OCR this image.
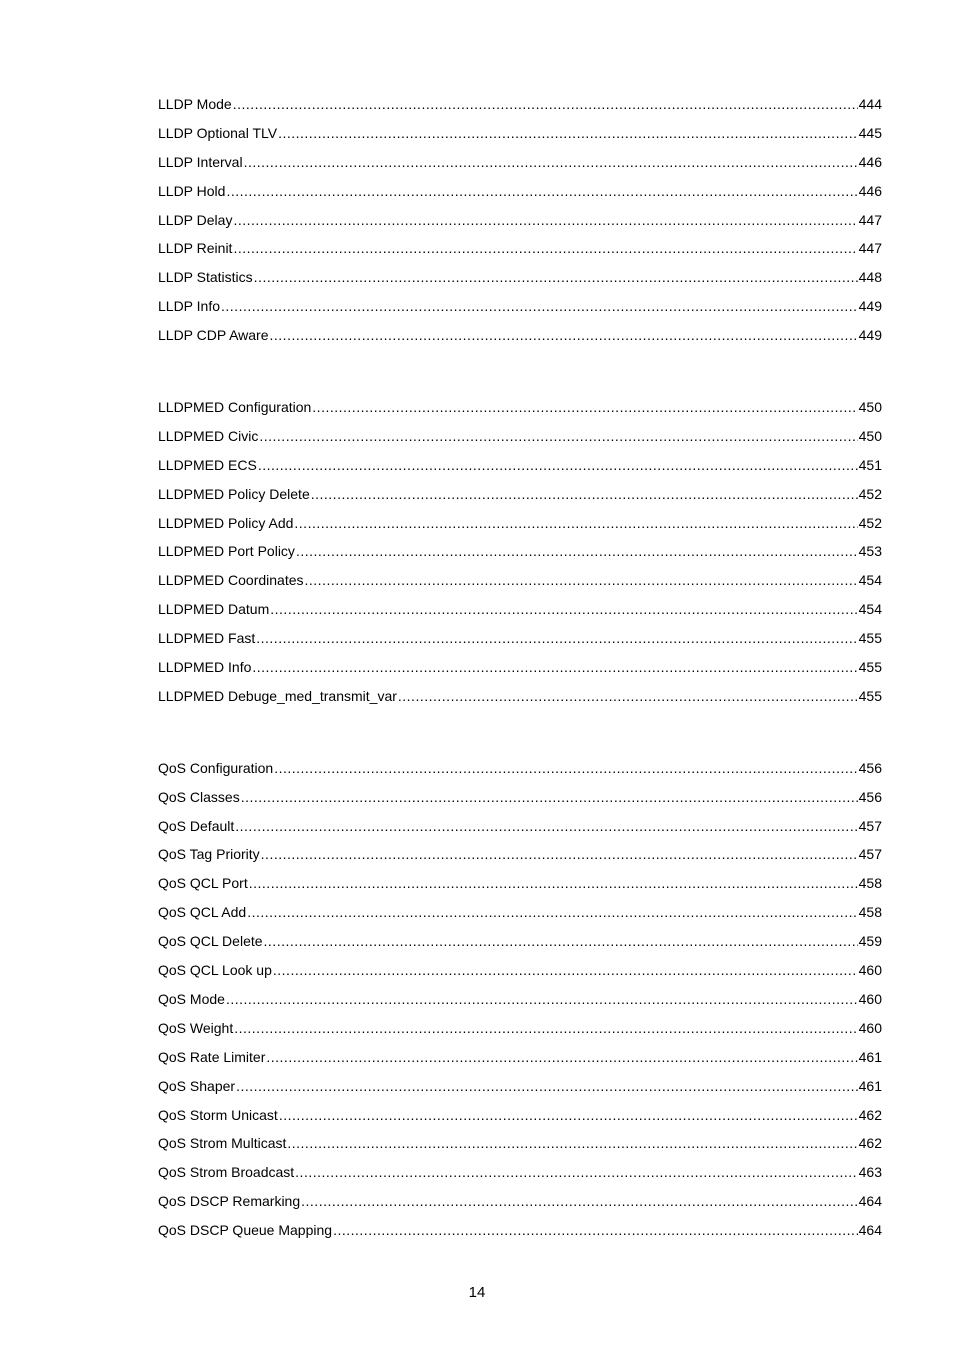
LLDP Mode .....	444
LLDP Optional TLV .....	445
LLDP Interval .....	446
LLDP Hold .....	446
LLDP Delay .....	447
LLDP Reinit .....	447
LLDP Statistics .....	448
LLDP Info .....	449
LLDP CDP Aware .....	449
LLDPMED Configuration .....	450
LLDPMED Civic .....	450
LLDPMED ECS .....	451
LLDPMED Policy Delete .....	452
LLDPMED Policy Add .....	452
LLDPMED Port Policy .....	453
LLDPMED Coordinates .....	454
LLDPMED Datum .....	454
LLDPMED Fast .....	455
LLDPMED Info .....	455
LLDPMED Debuge_med_transmit_var .....	455
QoS Configuration .....	456
QoS Classes .....	456
QoS Default .....	457
QoS Tag Priority .....	457
QoS QCL Port .....	458
QoS QCL Add .....	458
QoS QCL Delete .....	459
QoS QCL Look up .....	460
QoS Mode .....	460
QoS Weight .....	460
QoS Rate Limiter .....	461
QoS Shaper .....	461
QoS Storm Unicast .....	462
QoS Strom Multicast .....	462
QoS Strom Broadcast .....	463
QoS DSCP Remarking .....	464
QoS DSCP Queue Mapping .....	464
14
